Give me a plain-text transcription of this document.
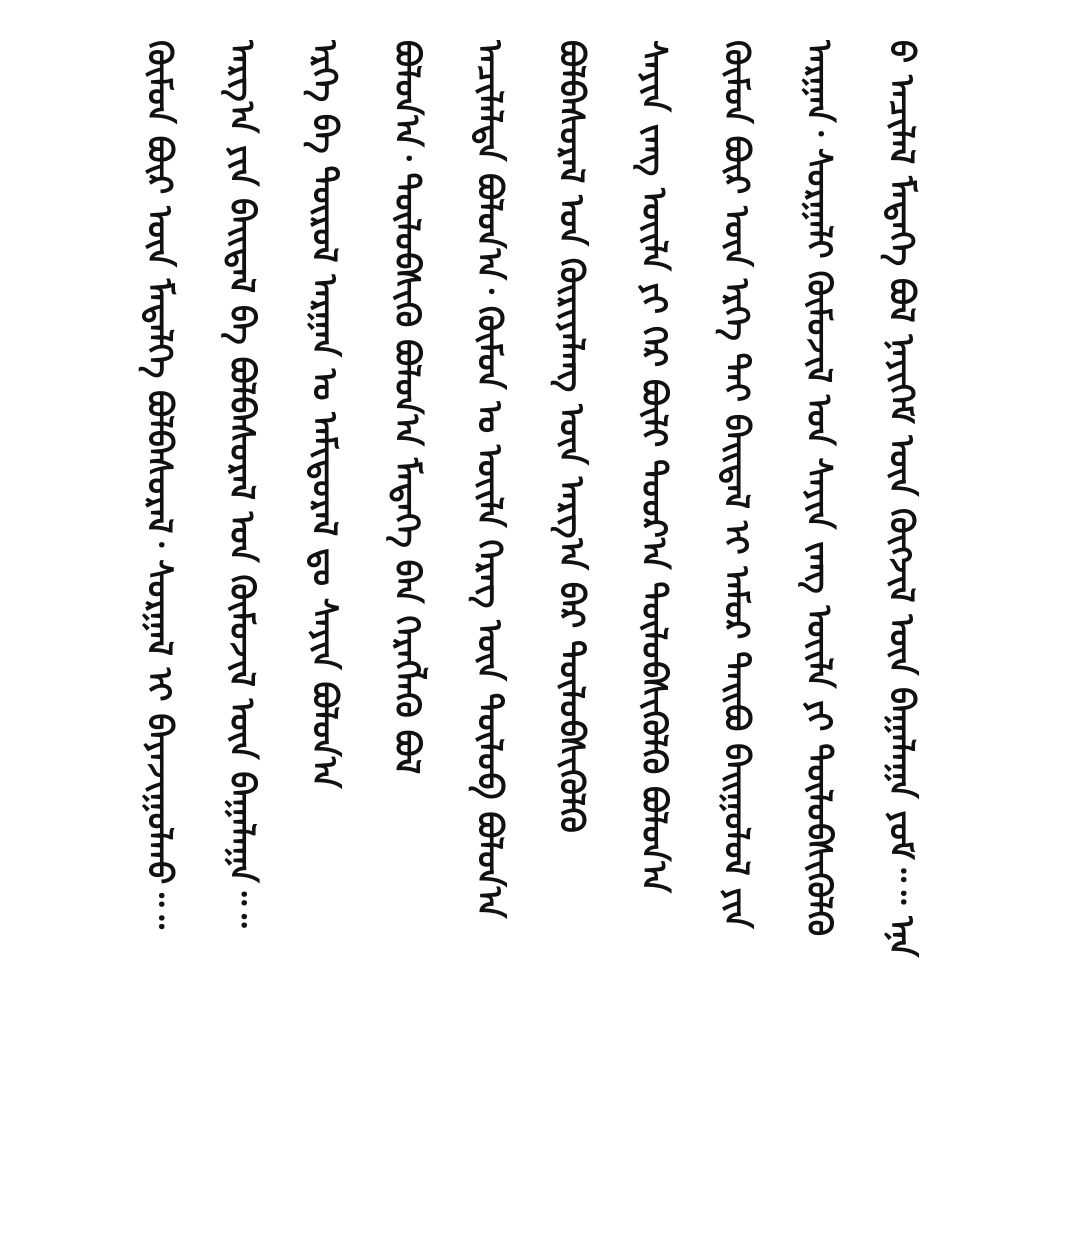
ᠪ ᠠᠴᠢᠯᠠᠯ ᠮᠡᠳᠡᠭᠡ ᠪᠣᠯ ᠨᠡᠶᠢᠭᠡᠮ ᠦᠨ ᠬᠥᠭᠵᠢᠯ ᠦᠨ ᠪᠠᠭᠠᠯᠠᠭᠠ ᠶᠤᠮ᠃᠃ ᠡᠨᠡ
ᠠᠷᠭᠠᠨ᠂ ᠰᠤᠷᠭᠠᠯᠢ ᠬᠦᠮᠦᠵᠢᠯ ᠤᠨ ᠰᠠᠶᠢᠨ ᠵᠠᠩ ᠦᠢᠯᠡ ᠶᠢ ᠲᠥᠯᠥᠪᠰᠢᠭᠦᠯᠬᠦ
ᠬᠦᠮᠦᠨ ᠪᠦᠷ ᠦᠨ ᠡᠷᠬᠡ ᠲᠠᠢ ᠪᠠᠢᠳᠠᠯ ᠢ ᠠᠮᠤᠷ ᠳᠠᠢᠪᠤ ᠪᠠᠢᠭᠤᠯᠤᠯ ᠶᠢᠨ
ᠰᠠᠶᠢᠨ ᠵᠠᠩ ᠦᠢᠯᠡ ᠶᠢ ᠭᠡᠷ ᠪᠦᠯᠢ ᠳᠣᠣᠷ᠎ᠠ ᠲᠥᠯᠥᠪᠰᠢᠭᠦᠯᠬᠦ ᠪᠣᠯᠤᠨ᠎ᠠ
ᠪᠣᠯᠪᠠᠰᠤᠷᠠᠯ ᠤᠨ ᠬᠦᠷᠢᠶᠡᠯᠡᠩ ᠦᠨ ᠠᠷᠭ᠎ᠠ ᠪᠠᠷ ᠲᠥᠯᠥᠪᠰᠢᠭᠦᠯᠬᠦ
ᠠᠴᠢᠯᠠᠯᠲᠠ ᠪᠣᠯᠤᠨ᠎ᠠ᠂ ᠬᠦᠮᠦᠨ ᠤ ᠦᠢᠯᠡ ᠬᠡᠷᠡᠭ ᠦᠨ ᠲᠥᠯᠥᠪ ᠪᠣᠯᠤᠨ᠎ᠠ
ᠪᠣᠯᠤᠨ᠎ᠠ᠂ ᠲᠥᠯᠥᠪᠰᠢᠬᠦ ᠪᠣᠯᠤᠨ᠎ᠠ ᠮᠡᠳᠡᠭᠡ ᠪᠠᠨ ᠬᠡᠷᠡᠭᠯᠡᠬᠦ ᠪᠣᠯ
ᠡᠷᠬᠡ ᠪᠠ ᠲᠥᠷᠥᠯ ᠠᠷᠭᠠᠨ ᠤ ᠠᠮᠢᠳᠤᠷᠠᠯ ᠳᠤ ᠰᠠᠶᠢᠨ ᠪᠣᠯᠤᠨ᠎ᠠ
ᠠᠷᠭ᠎ᠠ ᠶᠢᠨ ᠪᠠᠢᠳᠠᠯ ᠪᠠ ᠪᠣᠯᠪᠠᠰᠤᠷᠠᠯ ᠤᠨ ᠬᠦᠮᠦᠵᠢᠯ ᠦᠨ ᠪᠠᠭᠠᠯᠠᠭᠠ᠃᠃
ᠬᠦᠮᠦᠨ ᠪᠦᠷ ᠦᠨ ᠮᠡᠳᠡᠯᠭᠡ ᠪᠣᠯᠪᠠᠰᠤᠷᠠᠯ᠂ ᠰᠤᠷᠭᠠᠯ ᠢ ᠪᠠᠶᠠᠵᠢᠭᠤᠯᠬᠤ᠃᠃
